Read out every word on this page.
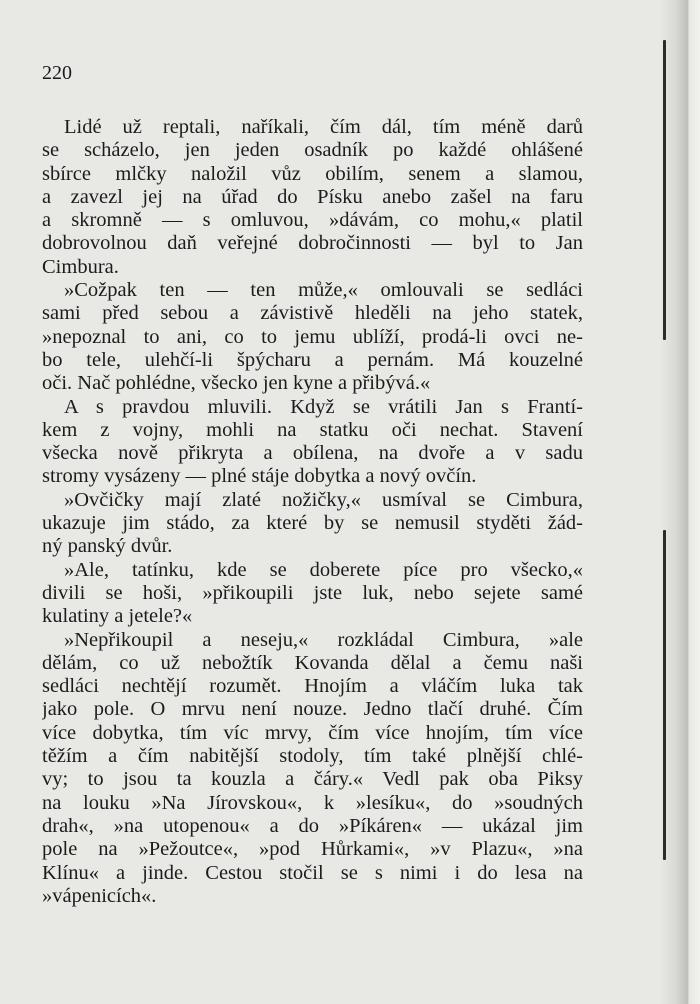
220
Lidé už reptali, naříkali, čím dál, tím méně darů
se scházelo, jen jeden osadník po každé ohlášené
sbírce mlčky naložil vůz obilím, senem a slamou,
a zavezl jej na úřad do Písku anebo zašel na faru
a skromně — s omluvou, »dávám, co mohu,« platil
dobrovolnou daň veřejné dobročinnosti — byl to Jan
Cimbura.
»Cožpak ten — ten může,« omlouvali se sedláci
sami před sebou a závistivě hleděli na jeho statek,
»nepoznal to ani, co to jemu ublíží, prodá-li ovci ne-
bo tele, ulehčí-li špýcharu a pernám. Má kouzelné
oči. Nač pohlédne, všecko jen kyne a přibývá.«
A s pravdou mluvili. Když se vrátili Jan s Frantí-
kem z vojny, mohli na statku oči nechat. Stavení
všecka nově přikryta a obílena, na dvoře a v sadu
stromy vysázeny — plné stáje dobytka a nový ovčín.
»Ovčičky mají zlaté nožičky,« usmíval se Cimbura,
ukazuje jim stádo, za které by se nemusil styděti žád-
ný panský dvůr.
»Ale, tatínku, kde se doberete píce pro všecko,«
divili se hoši, »přikoupili jste luk, nebo sejete samé
kulatiny a jetele?«
»Nepřikoupil a neseju,« rozkládal Cimbura, »ale
dělám, co už nebožtík Kovanda dělal a čemu naši
sedláci nechtějí rozumět. Hnojím a vláčím luka tak
jako pole. O mrvu není nouze. Jedno tlačí druhé. Čím
více dobytka, tím víc mrvy, čím více hnojím, tím více
těžím a čím nabitější stodoly, tím také plnější chlé-
vy; to jsou ta kouzla a čáry.« Vedl pak oba Piksy
na louku »Na Jírovskou«, k »lesíku«, do »soudných
drah«, »na utopenou« a do »Píkáren« — ukázal jim
pole na »Pežoutce«, »pod Hůrkami«, »v Plazu«, »na
Klínu« a jinde. Cestou stočil se s nimi i do lesa na
»vápenicích«.
